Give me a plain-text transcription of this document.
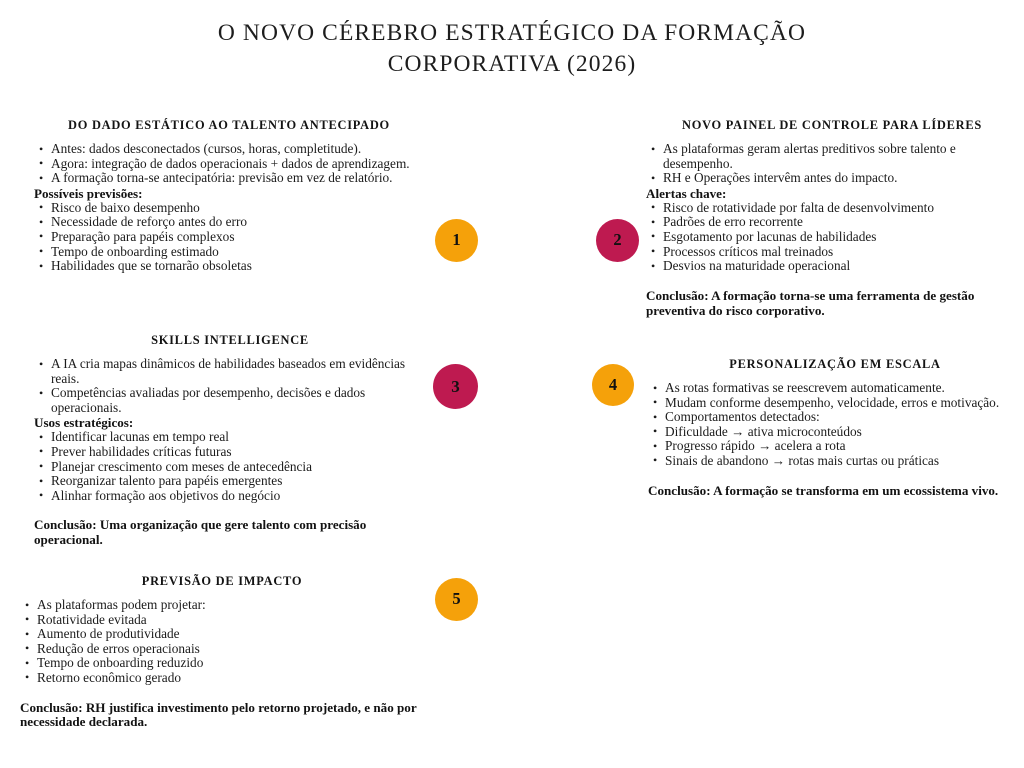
O NOVO CÉREBRO ESTRATÉGICO DA FORMAÇÃO CORPORATIVA (2026)
DO DADO ESTÁTICO AO TALENTO ANTECIPADO
• Antes: dados desconectados (cursos, horas, completitude).
• Agora: integração de dados operacionais + dados de aprendizagem.
• A formação torna-se antecipatória: previsão em vez de relatório.
Possíveis previsões:
• Risco de baixo desempenho
• Necessidade de reforço antes do erro
• Preparação para papéis complexos
• Tempo de onboarding estimado
• Habilidades que se tornarão obsoletas
NOVO PAINEL DE CONTROLE PARA LÍDERES
• As plataformas geram alertas preditivos sobre talento e desempenho.
• RH e Operações intervêm antes do impacto.
Alertas chave:
• Risco de rotatividade por falta de desenvolvimento
• Padrões de erro recorrente
• Esgotamento por lacunas de habilidades
• Processos críticos mal treinados
• Desvios na maturidade operacional
Conclusão: A formação torna-se uma ferramenta de gestão preventiva do risco corporativo.
SKILLS INTELLIGENCE
• A IA cria mapas dinâmicos de habilidades baseados em evidências reais.
• Competências avaliadas por desempenho, decisões e dados operacionais.
Usos estratégicos:
• Identificar lacunas em tempo real
• Prever habilidades críticas futuras
• Planejar crescimento com meses de antecedência
• Reorganizar talento para papéis emergentes
• Alinhar formação aos objetivos do negócio
Conclusão: Uma organização que gere talento com precisão operacional.
PERSONALIZAÇÃO EM ESCALA
• As rotas formativas se reescrevem automaticamente.
• Mudam conforme desempenho, velocidade, erros e motivação.
• Comportamentos detectados:
• Dificuldade → ativa microconteúdos
• Progresso rápido → acelera a rota
• Sinais de abandono → rotas mais curtas ou práticas
Conclusão: A formação se transforma em um ecossistema vivo.
PREVISÃO DE IMPACTO
• As plataformas podem projetar:
• Rotatividade evitada
• Aumento de produtividade
• Redução de erros operacionais
• Tempo de onboarding reduzido
• Retorno econômico gerado
Conclusão: RH justifica investimento pelo retorno projetado, e não por necessidade declarada.
1	2
3	4
5
